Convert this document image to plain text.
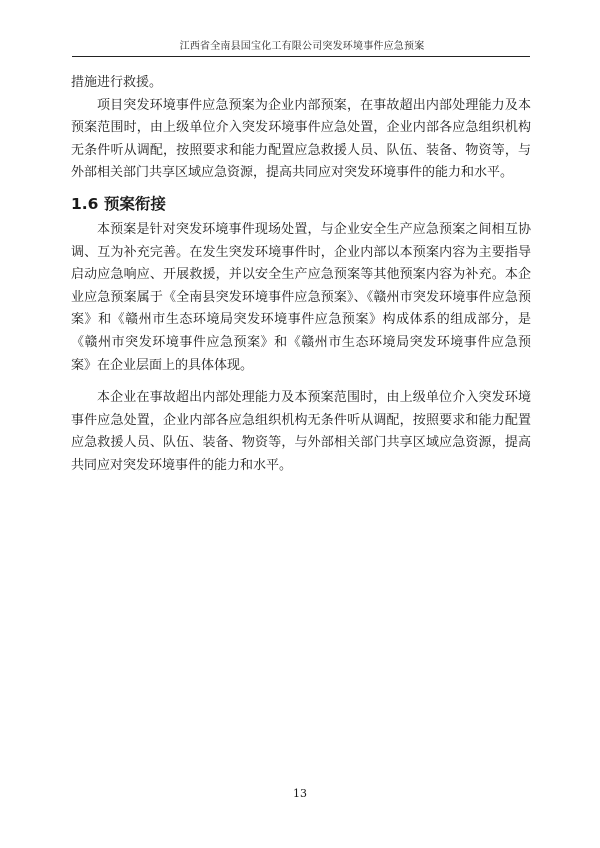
江西省全南县国宝化工有限公司突发环境事件应急预案

措施进行救援。

项目突发环境事件应急预案为企业内部预案，在事故超出内部处理能力及本预案范围时，由上级单位介入突发环境事件应急处置，企业内部各应急组织机构无条件听从调配，按照要求和能力配置应急救援人员、队伍、装备、物资等，与外部相关部门共享区域应急资源，提高共同应对突发环境事件的能力和水平。

1.6 预案衔接

本预案是针对突发环境事件现场处置，与企业安全生产应急预案之间相互协调、互为补充完善。在发生突发环境事件时，企业内部以本预案内容为主要指导启动应急响应、开展救援，并以安全生产应急预案等其他预案内容为补充。本企业应急预案属于《全南县突发环境事件应急预案》、《赣州市突发环境事件应急预案》和《赣州市生态环境局突发环境事件应急预案》构成体系的组成部分，是《赣州市突发环境事件应急预案》和《赣州市生态环境局突发环境事件应急预案》在企业层面上的具体体现。

本企业在事故超出内部处理能力及本预案范围时，由上级单位介入突发环境事件应急处置，企业内部各应急组织机构无条件听从调配，按照要求和能力配置应急救援人员、队伍、装备、物资等，与外部相关部门共享区域应急资源，提高共同应对突发环境事件的能力和水平。

13
